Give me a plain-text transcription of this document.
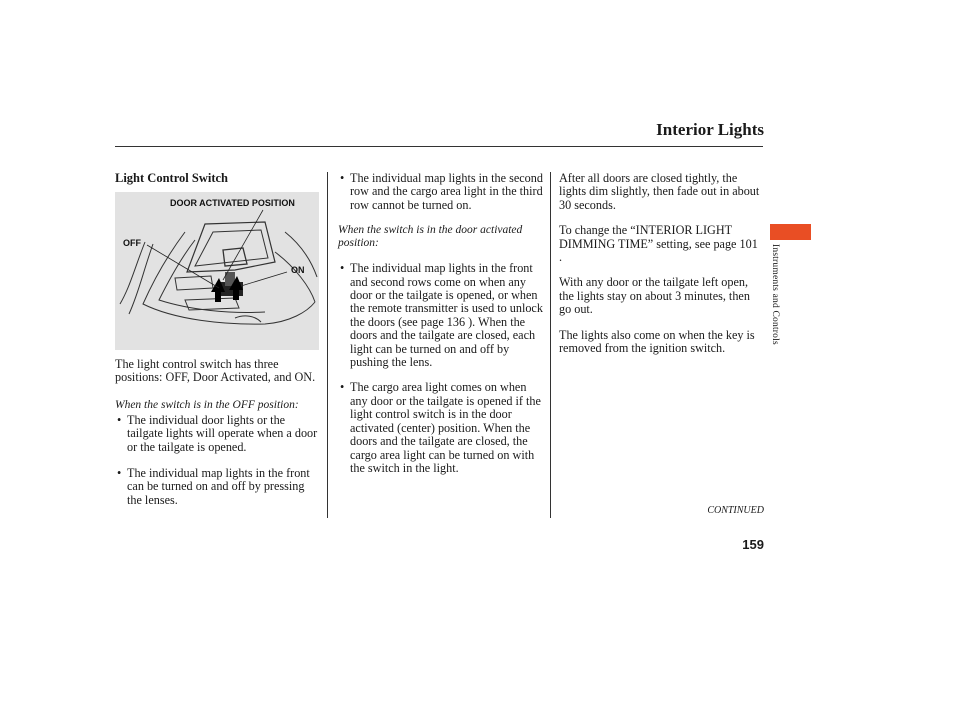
Interior Lights
Light Control Switch
DOOR ACTIVATED POSITION
OFF
ON

The light control switch has three positions: OFF, Door Activated, and ON.

When the switch is in the OFF position:

• The individual door lights or the tailgate lights will operate when a door or the tailgate is opened.

• The individual map lights in the front can be turned on and off by pressing the lenses.

• The individual map lights in the second row and the cargo area light in the third row cannot be turned on.

When the switch is in the door activated position:

• The individual map lights in the front and second rows come on when any door or the tailgate is opened, or when the remote transmitter is used to unlock the doors (see page 136 ). When the doors and the tailgate are closed, each light can be turned on and off by pushing the lens.

• The cargo area light comes on when any door or the tailgate is opened if the light control switch is in the door activated (center) position. When the doors and the tailgate are closed, the cargo area light can be turned on with the switch in the light.

After all doors are closed tightly, the lights dim slightly, then fade out in about 30 seconds.

To change the “INTERIOR LIGHT DIMMING TIME” setting, see page 101 .

With any door or the tailgate left open, the lights stay on about 3 minutes, then go out.

The lights also come on when the key is removed from the ignition switch.

Instruments and Controls
CONTINUED
159
